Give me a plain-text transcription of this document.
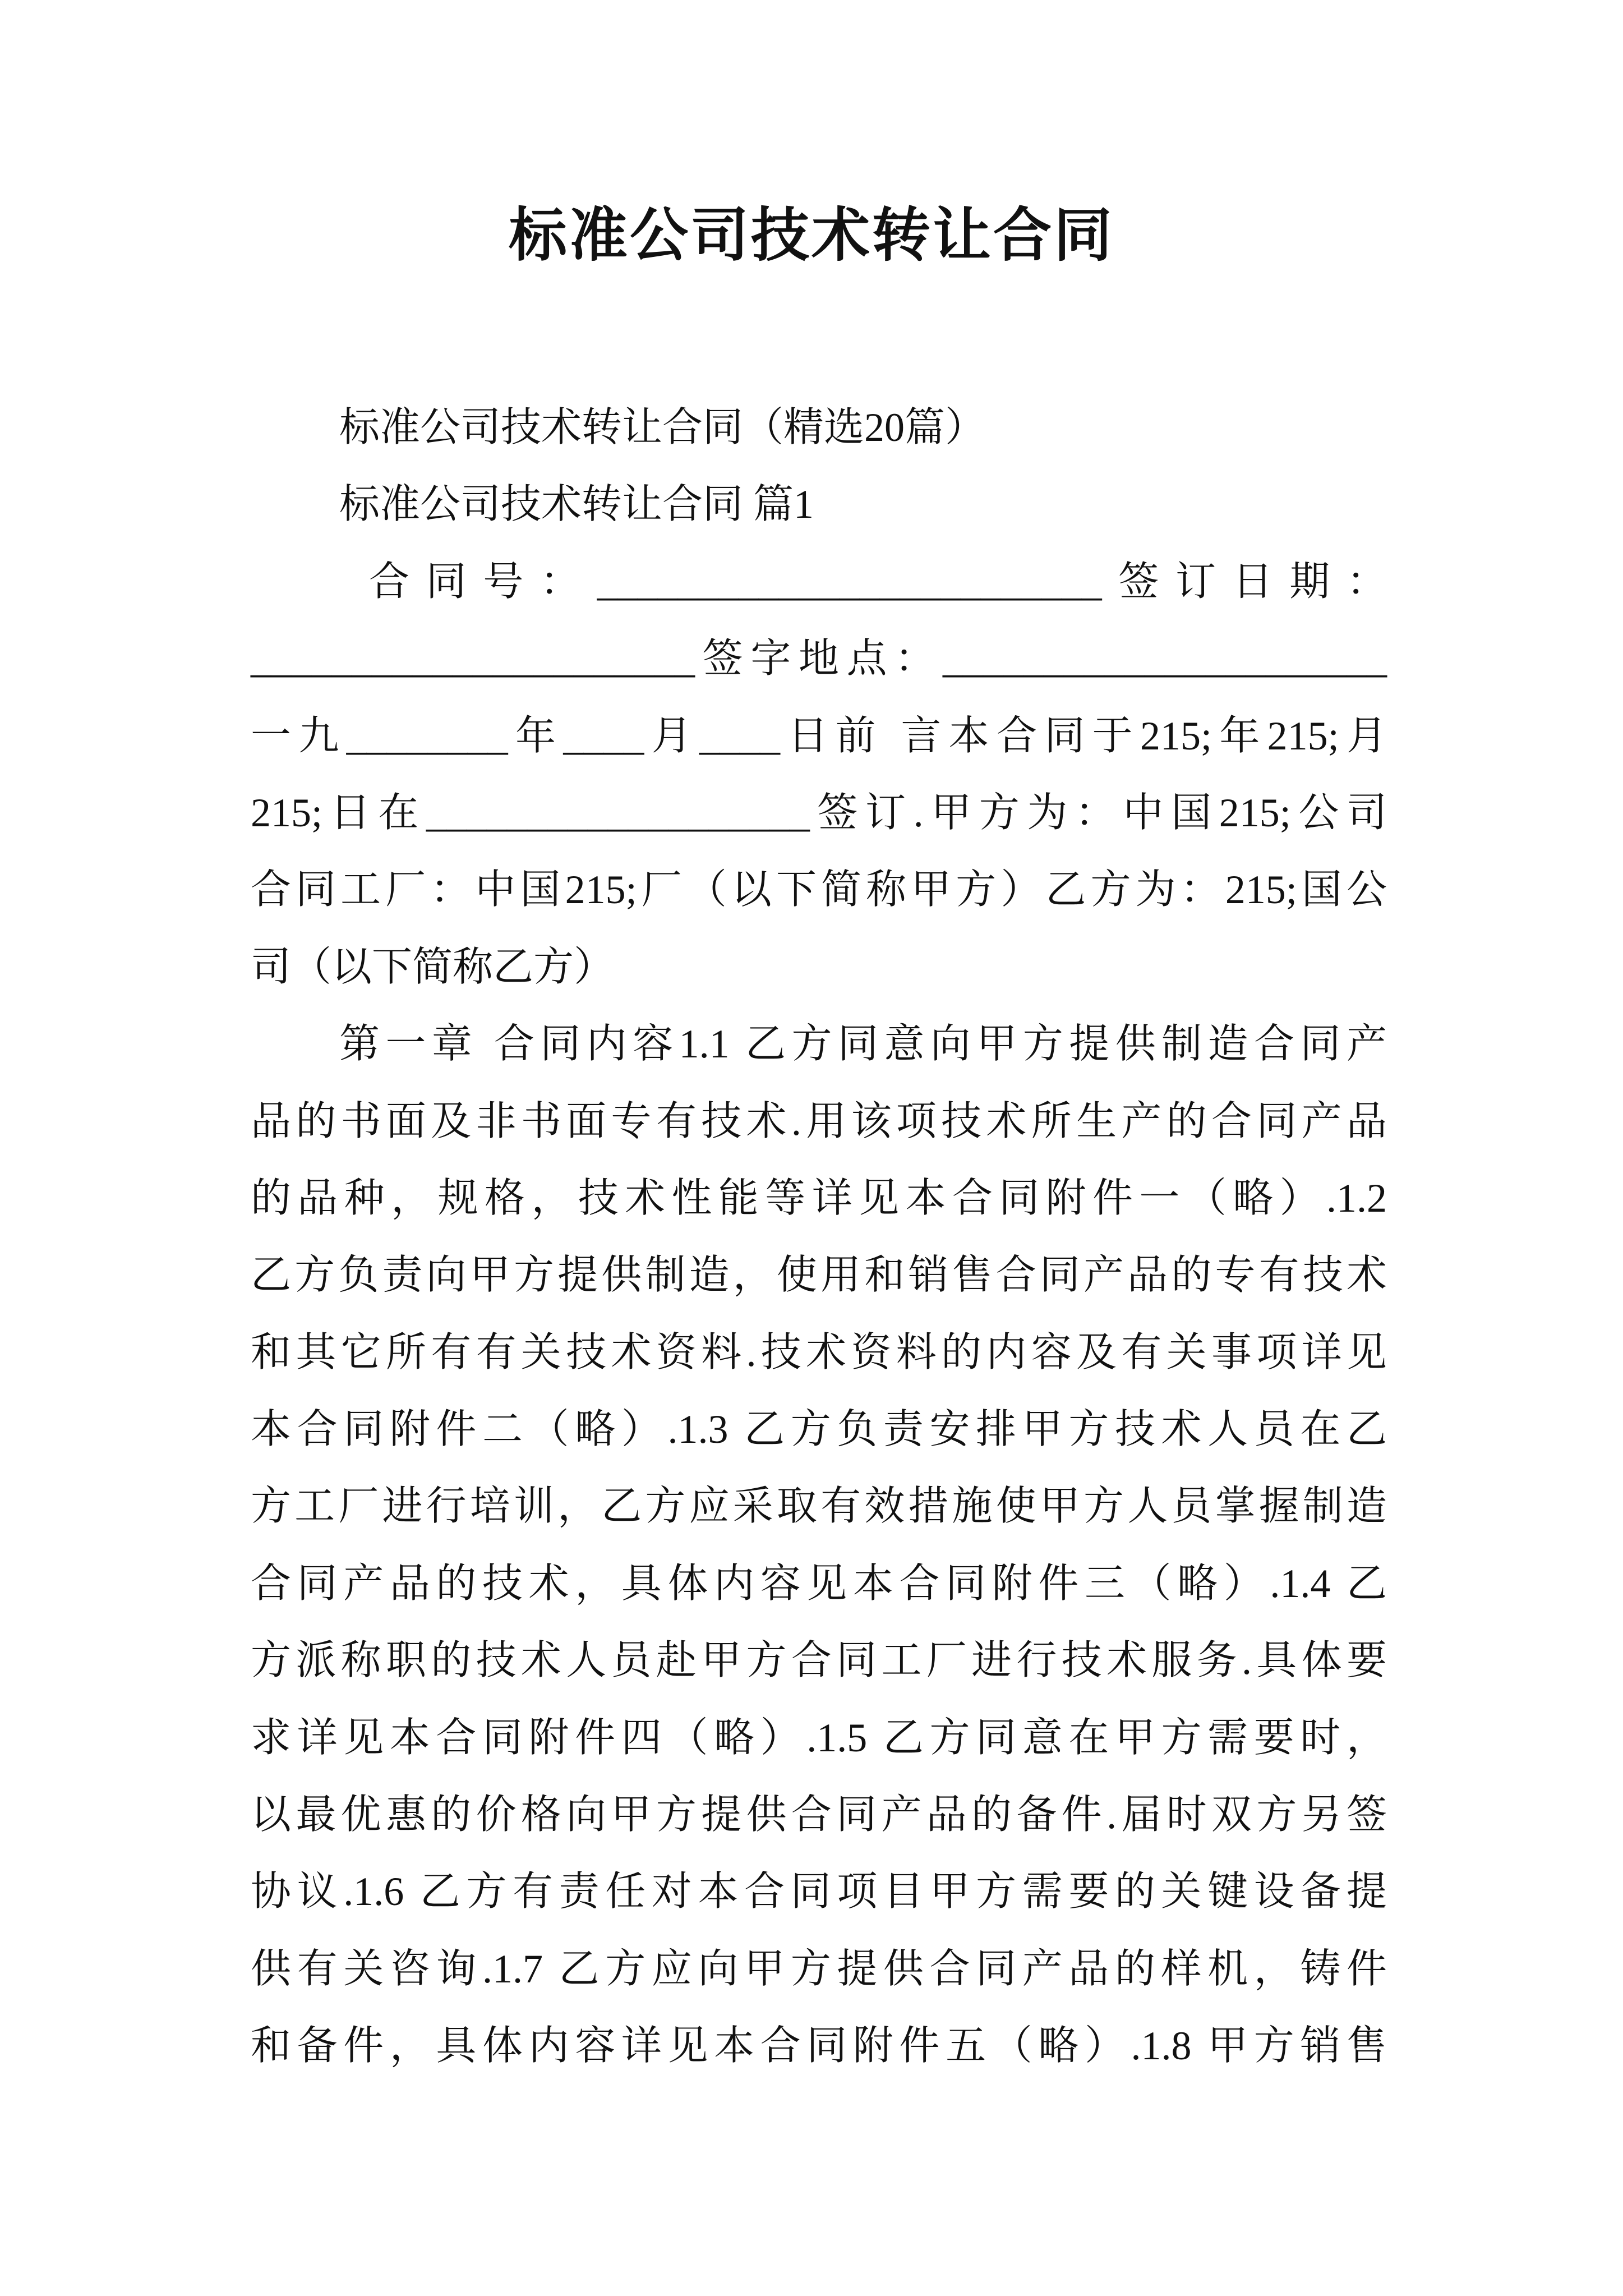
标准公司技术转让合同
标准公司技术转让合同（精选20篇）
标准公司技术转让合同 篇1
合同号：_________________________签订日期：
______________________签字地点：______________________
一九________年____月____日前 言本合同于215;年215;月
215;日在___________________签订.甲方为：中国215;公司
合同工厂：中国215;厂（以下简称甲方）乙方为：215;国公
司（以下简称乙方）
第一章 合同内容1.1 乙方同意向甲方提供制造合同产
品的书面及非书面专有技术.用该项技术所生产的合同产品
的品种，规格，技术性能等详见本合同附件一（略）.1.2
乙方负责向甲方提供制造，使用和销售合同产品的专有技术
和其它所有有关技术资料.技术资料的内容及有关事项详见
本合同附件二（略）.1.3 乙方负责安排甲方技术人员在乙
方工厂进行培训，乙方应采取有效措施使甲方人员掌握制造
合同产品的技术，具体内容见本合同附件三（略）.1.4 乙
方派称职的技术人员赴甲方合同工厂进行技术服务.具体要
求详见本合同附件四（略）.1.5 乙方同意在甲方需要时，
以最优惠的价格向甲方提供合同产品的备件.届时双方另签
协议.1.6 乙方有责任对本合同项目甲方需要的关键设备提
供有关咨询.1.7 乙方应向甲方提供合同产品的样机，铸件
和备件，具体内容详见本合同附件五（略）.1.8 甲方销售
